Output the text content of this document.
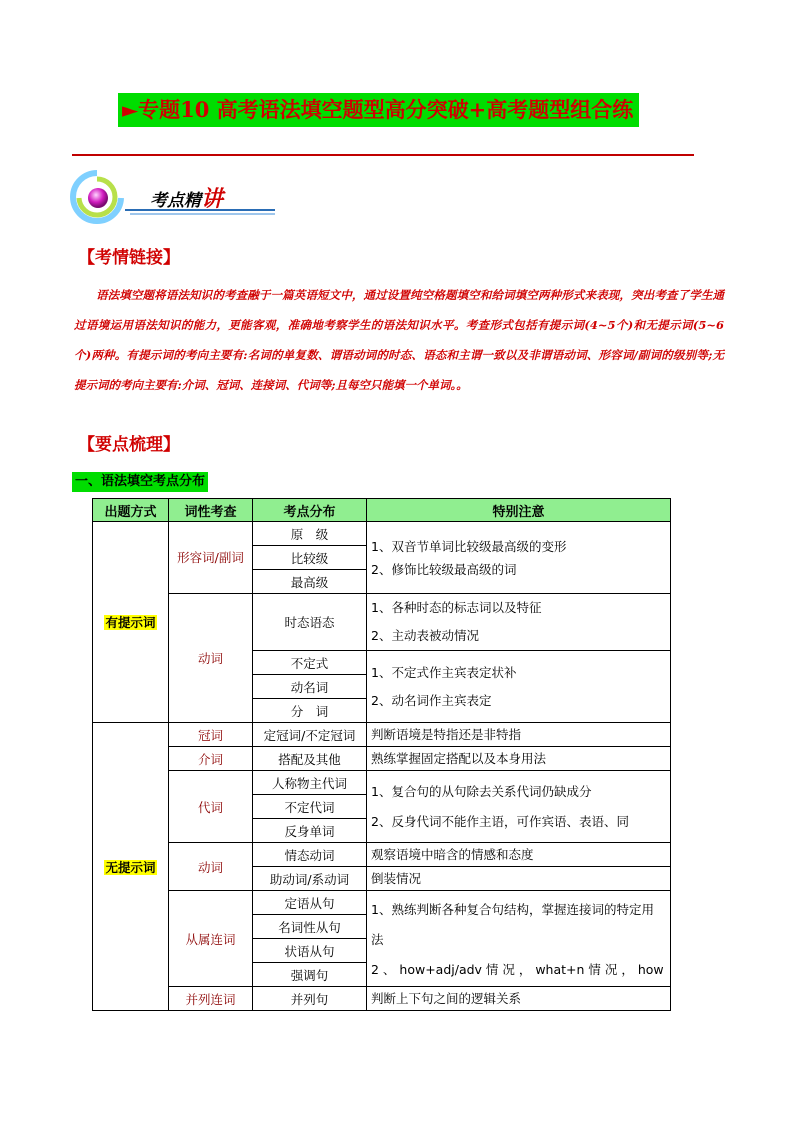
►专题10 高考语法填空题型高分突破+高考题型组合练
考点精讲
【考情链接】
语法填空题将语法知识的考查融于一篇英语短文中，通过设置纯空格题填空和给词填空两种形式来表现，突出考查了学生通过语境运用语法知识的能力，更能客观，准确地考察学生的语法知识水平。考查形式包括有提示词(4~5个)和无提示词(5~6 个)两种。有提示词的考向主要有:名词的单复数、谓语动词的时态、语态和主谓一致以及非谓语动词、形容词/副词的级别等;无提示词的考向主要有:介词、冠词、连接词、代词等;且每空只能填一个单词。。
【要点梳理】
一、语法填空考点分布
出题方式	词性考查	考点分布	特别注意
有提示词	形容词/副词	原　级	1、双音节单词比较级最高级的变形
2、修饰比较级最高级的词

		比较级	
		最高级	
	动词	时态语态	1、各种时态的标志词以及特征
2、主动表被动情况

		不定式	1、不定式作主宾表定状补
2、动名词作主宾表定

		动名词	
		分　词	
无提示词	冠词	定冠词/不定冠词	判断语境是特指还是非特指
	介词	搭配及其他	熟练掌握固定搭配以及本身用法
	代词	人称物主代词	1、复合句的从句除去关系代词仍缺成分
2、反身代词不能作主语，可作宾语、表语、同

		不定代词	
		反身单词	
	动词	情态动词	观察语境中暗含的情感和态度
		助动词/系动词	倒装情况
	从属连词	定语从句	1、熟练判断各种复合句结构，掌握连接词的特定用法
2 、 how+adj/adv 情 况 ， what+n 情 况 ， how

		名词性从句	
		状语从句	
		强调句	
	并列连词	并列句	判断上下句之间的逻辑关系
